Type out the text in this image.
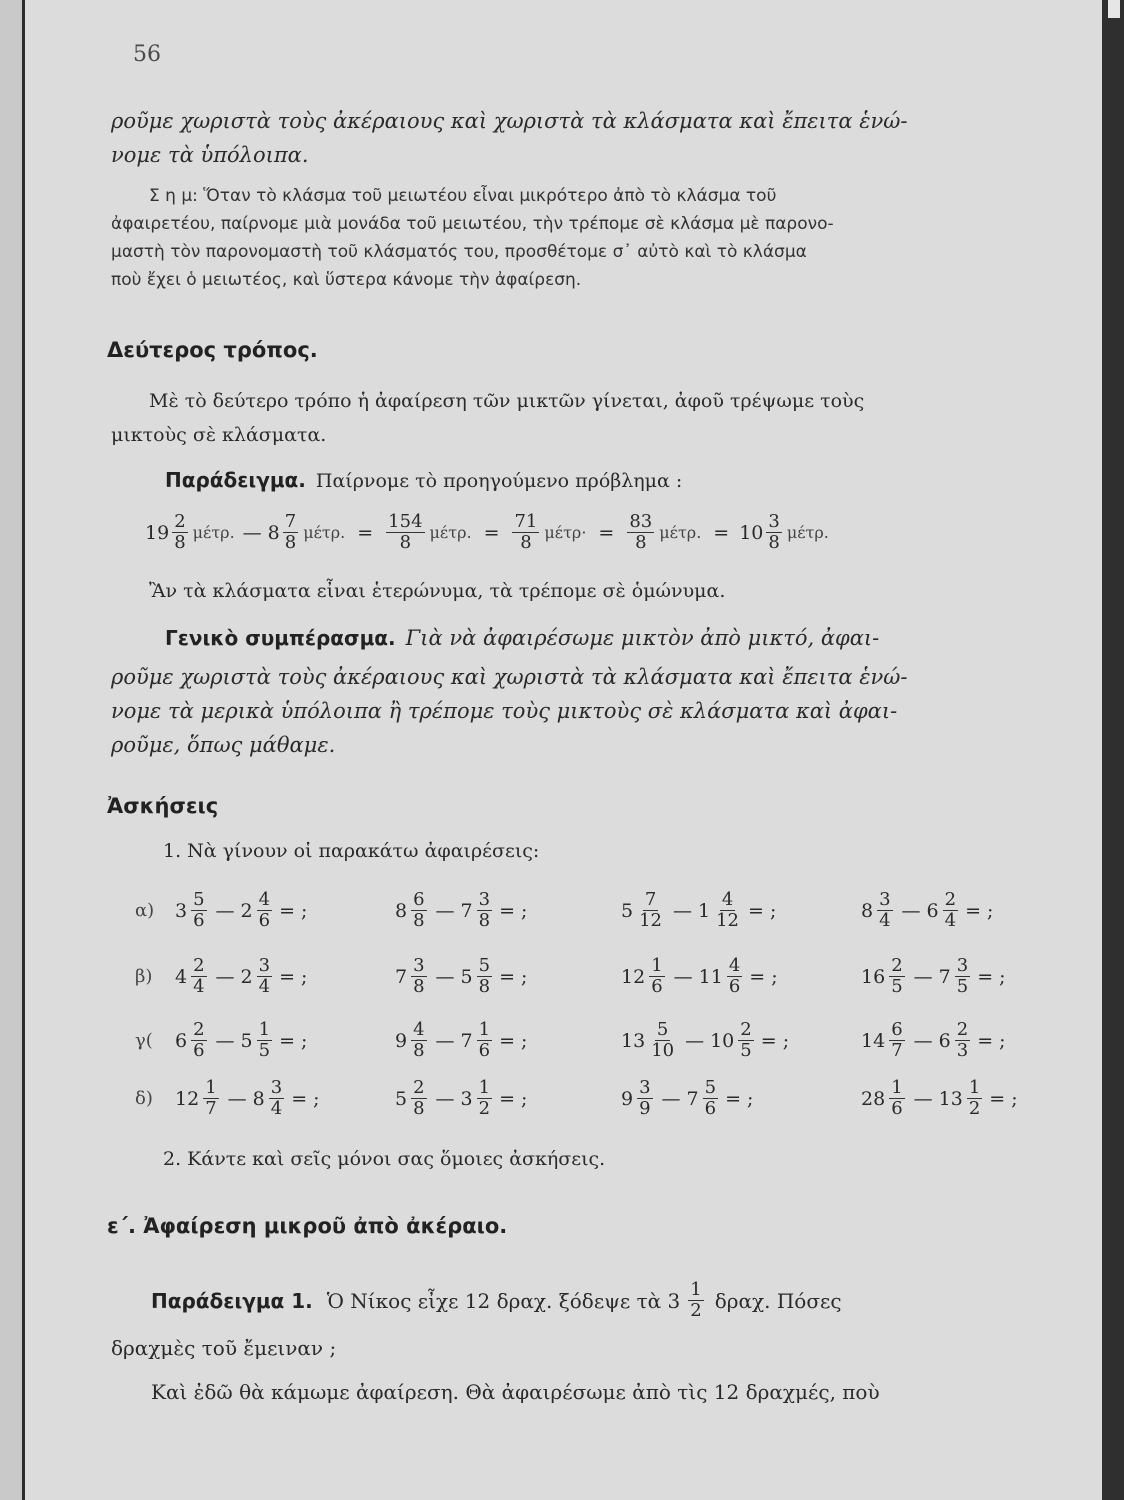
56
ροῦμε χωριστὰ τοὺς ἀκέραιους καὶ χωριστὰ τὰ κλάσματα καὶ ἔπειτα ἑνώ-
νομε τὰ ὑπόλοιπα.
Σ η μ: Ὅταν τὸ κλάσμα τοῦ μειωτέου εἶναι μικρότερο ἀπὸ τὸ κλάσμα τοῦ
ἀφαιρετέου, παίρνομε μιὰ μονάδα τοῦ μειωτέου, τὴν τρέπομε σὲ κλάσμα μὲ παρονο-
μαστὴ τὸν παρονομαστὴ τοῦ κλάσματός του, προσθέτομε σ᾽ αὐτὸ καὶ τὸ κλάσμα
ποὺ ἔχει ὁ μειωτέος, καὶ ὕστερα κάνομε τὴν ἀφαίρεση.
Δεύτερος τρόπος.
Μὲ τὸ δεύτερο τρόπο ἡ ἀφαίρεση τῶν μικτῶν γίνεται, ἀφοῦ τρέψωμε τοὺς
μικτοὺς σὲ κλάσματα.
Παράδειγμα. Παίρνομε τὸ προηγούμενο πρόβλημα :
$19 \frac{2}{8} \mu έ\tau\rho$. — $8 \frac{7}{8} \mu έ\tau\rho$. = $\frac{154}{8} \mu έ\tau\rho$. = $\frac{71}{8} \mu έ\tau\rho\cdot = \frac{83}{8} \mu έ\tau\rho$. = $10 \frac{3}{8} \mu έ\tau\rho$.
Ἂν τὰ κλάσματα εἶναι ἑτερώνυμα, τὰ τρέπομε σὲ ὁμώνυμα.
Γενικὸ συμπέρασμα. Γιὰ νὰ ἀφαιρέσωμε μικτὸν ἀπὸ μικτό, ἀφαι-
ροῦμε χωριστὰ τοὺς ἀκέραιους καὶ χωριστὰ τὰ κλάσματα καὶ ἔπειτα ἑνώ-
νομε τὰ μερικὰ ὑπόλοιπα ἢ τρέπομε τοὺς μικτοὺς σὲ κλάσματα καὶ ἀφαι-
ροῦμε, ὅπως μάθαμε.
Ἀσκήσεις
1. Νὰ γίνουν οἱ παρακάτω ἀφαιρέσεις:
α) $3 \frac{5}{6}$ — $2 \frac{4}{6}$ = ;	$8 \frac{6}{8}$ — $7 \frac{3}{8}$ = ;	$5 \frac{7}{12}$ — $1 \frac{4}{12}$ = ;	$8 \frac{3}{4}$ — $6 \frac{2}{4}$ = ;
β) $4 \frac{2}{4}$ — $2 \frac{3}{4}$ = ;	$7 \frac{3}{8}$ — $5 \frac{5}{8}$ = ;	$12 \frac{1}{6}$ — $11 \frac{4}{6}$ = ;	$16 \frac{2}{5}$ — $7 \frac{3}{5}$ = ;
γ( $6 \frac{2}{6}$ — $5 \frac{1}{5}$ = ;	$9 \frac{4}{8}$ — $7 \frac{1}{6}$ = ;	$13 \frac{5}{10}$ — $10 \frac{2}{5}$ = ;	$14 \frac{6}{7}$ — $6 \frac{2}{3}$ = ;
δ) $12 \frac{1}{7}$ — $8 \frac{3}{4}$ = ;	$5 \frac{2}{8}$ — $3 \frac{1}{2}$ = ;	$9 \frac{3}{9}$ — $7 \frac{5}{6}$ = ;	$28 \frac{1}{6}$ — $13 \frac{1}{2}$ = ;
2. Κάντε καὶ σεῖς μόνοι σας ὅμοιες ἀσκήσεις.
ε΄. Ἀφαίρεση μικροῦ ἀπὸ ἀκέραιο.
Παράδειγμα 1. Ὁ Νίκος εἶχε 12 δραχ. ξόδεψε τὰ $3 \frac{1}{2} \delta\rho\alpha\chi$. Πόσες
δραχμὲς τοῦ ἔμειναν ;
Καὶ ἐδῶ θὰ κάμωμε ἀφαίρεση. Θὰ ἀφαιρέσωμε ἀπὸ τὶς 12 δραχμές, ποὺ
